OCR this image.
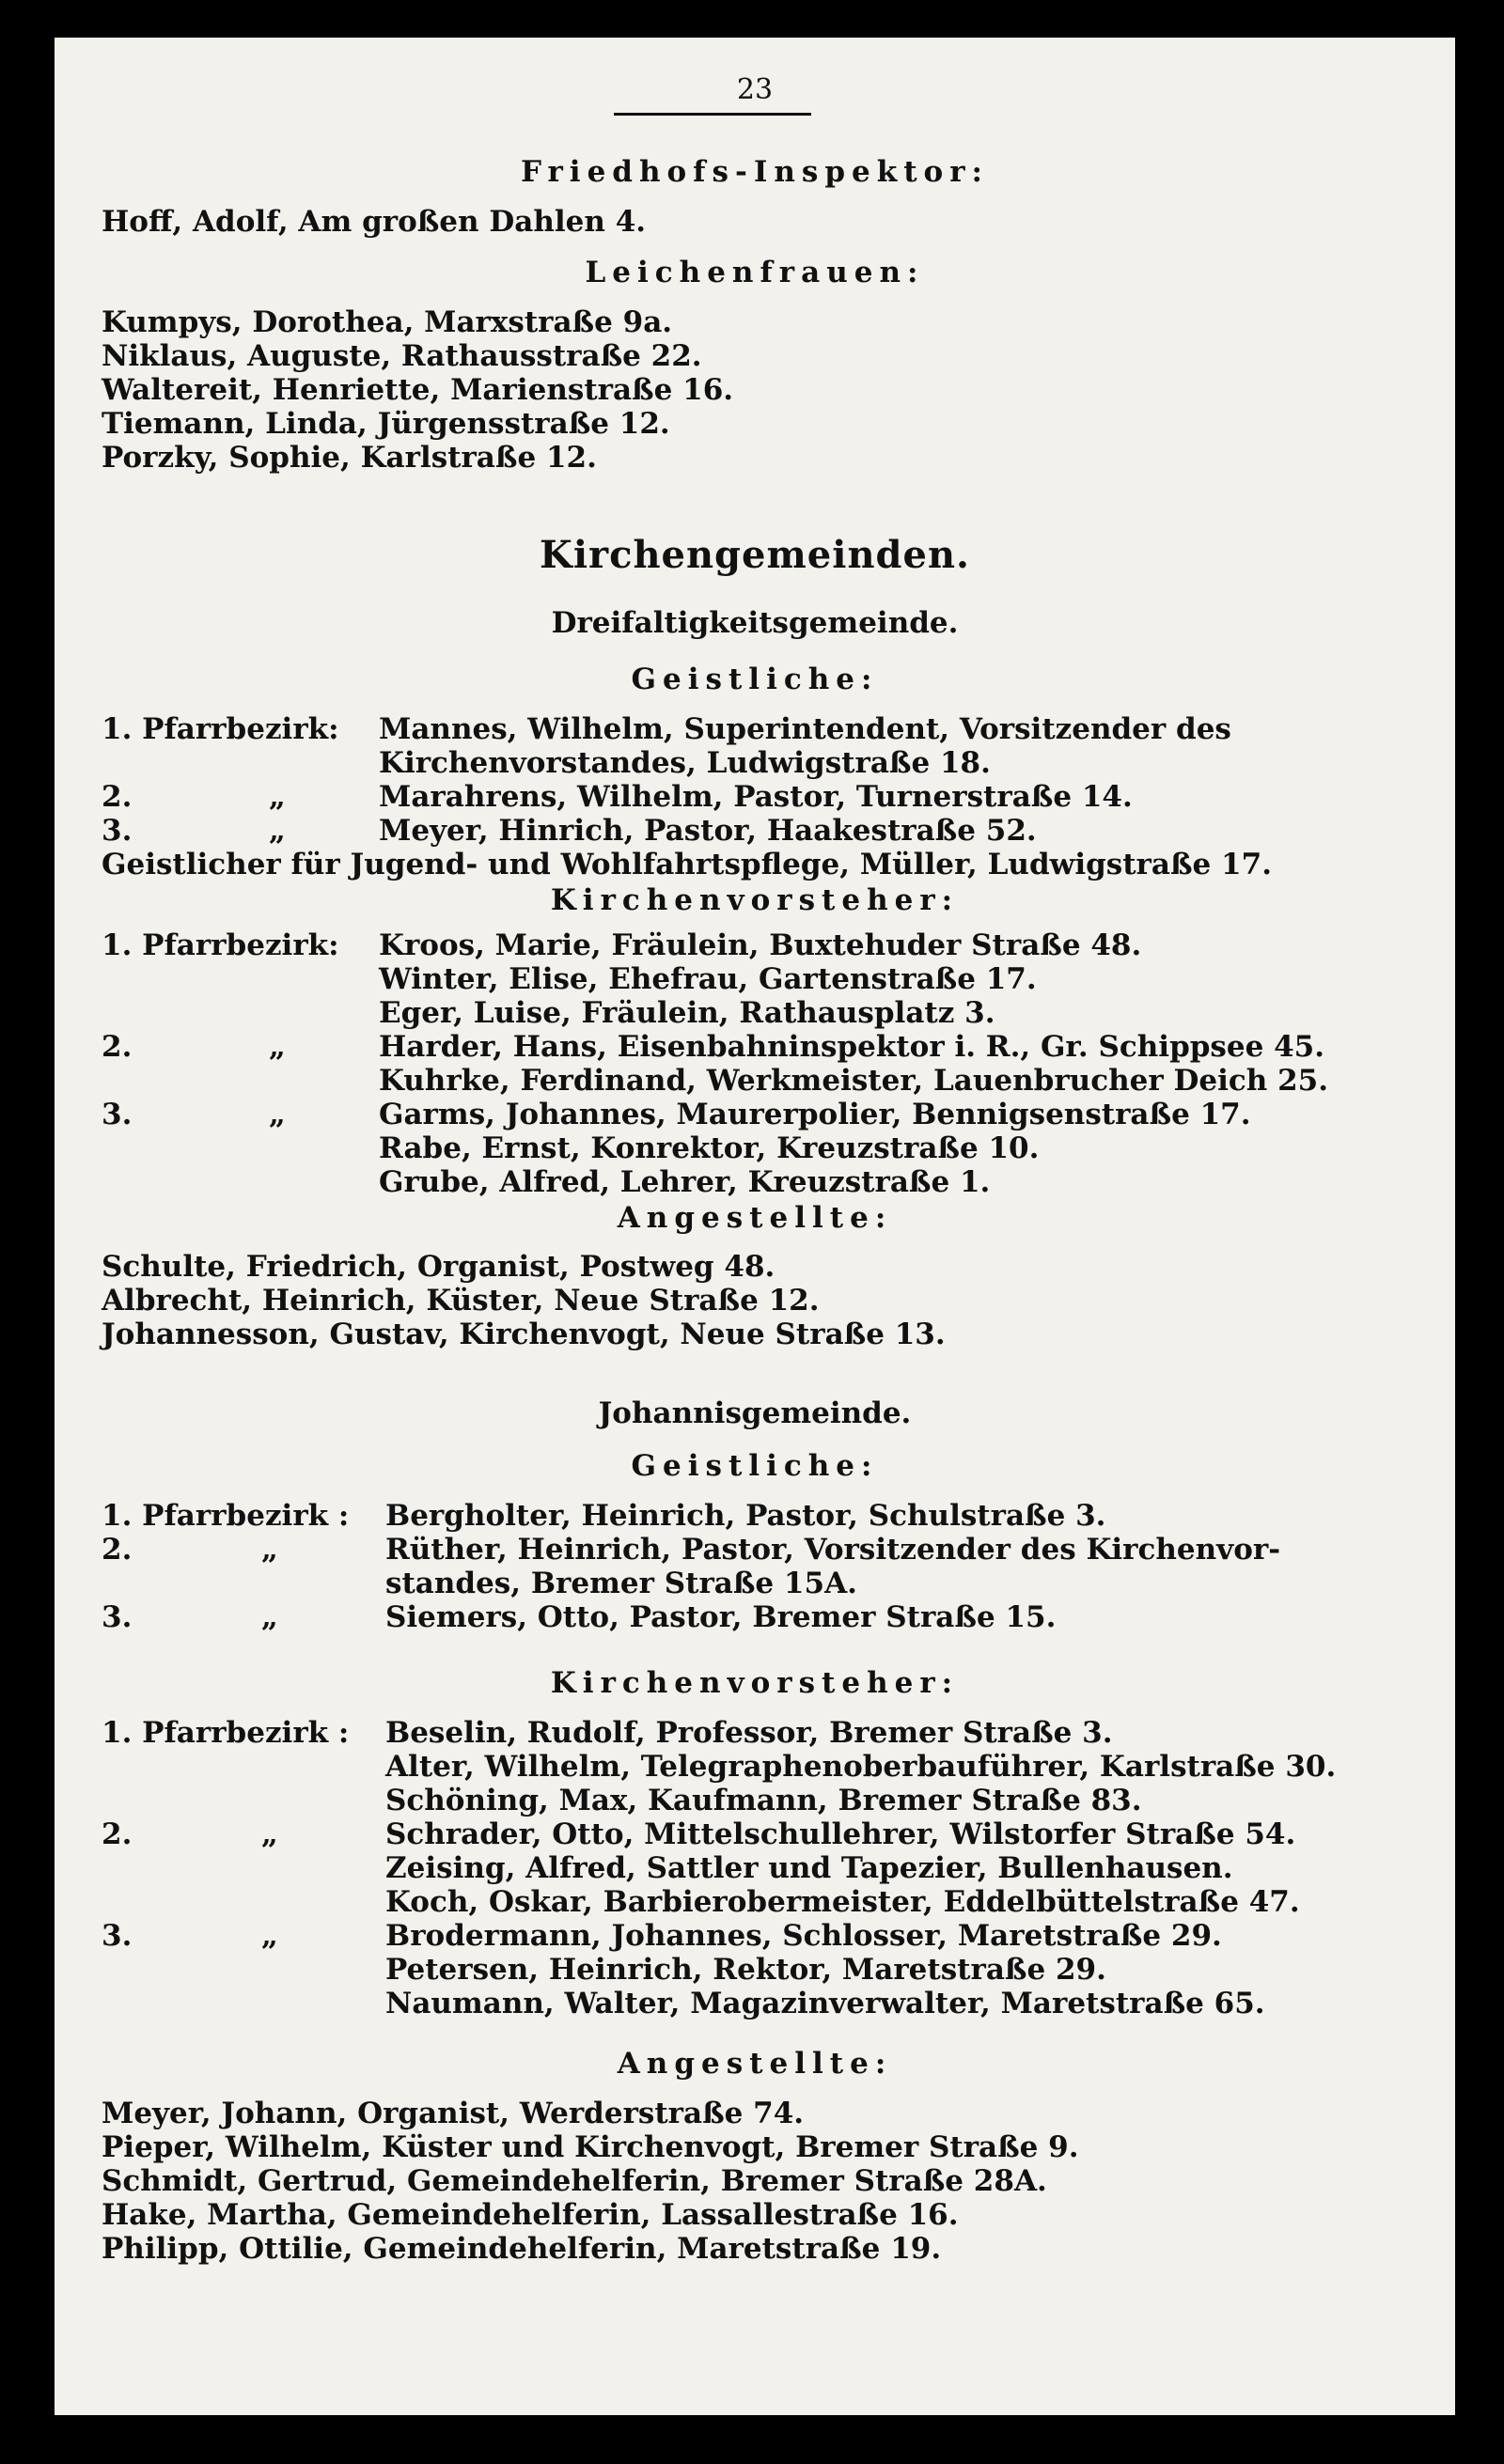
23
Friedhofs-Inspektor:
Hoff, Adolf, Am großen Dahlen 4.
Leichenfrauen:
Kumpys, Dorothea, Marxstraße 9a.
Niklaus, Auguste, Rathausstraße 22.
Waltereit, Henriette, Marienstraße 16.
Tiemann, Linda, Jürgensstraße 12.
Porzky, Sophie, Karlstraße 12.
Kirchengemeinden.
Dreifaltigkeitsgemeinde.
Geistliche:
1. Pfarrbezirk: Mannes, Wilhelm, Superintendent, Vorsitzender des
Kirchenvorstandes, Ludwigstraße 18.
2.	„	Marahrens, Wilhelm, Pastor, Turnerstraße 14.
3.	„	Meyer, Hinrich, Pastor, Haakestraße 52.
Geistlicher für Jugend- und Wohlfahrtspflege, Müller, Ludwigstraße 17.
Kirchenvorsteher:
1. Pfarrbezirk: Kroos, Marie, Fräulein, Buxtehuder Straße 48.
Winter, Elise, Ehefrau, Gartenstraße 17.
Eger, Luise, Fräulein, Rathausplatz 3.
2.	„	Harder, Hans, Eisenbahninspektor i. R., Gr. Schippsee 45.
Kuhrke, Ferdinand, Werkmeister, Lauenbrucher Deich 25.
3.	„	Garms, Johannes, Maurerpolier, Bennigsenstraße 17.
Rabe, Ernst, Konrektor, Kreuzstraße 10.
Grube, Alfred, Lehrer, Kreuzstraße 1.
Angestellte:
Schulte, Friedrich, Organist, Postweg 48.
Albrecht, Heinrich, Küster, Neue Straße 12.
Johannesson, Gustav, Kirchenvogt, Neue Straße 13.
Johannisgemeinde.
Geistliche:
1. Pfarrbezirk : Bergholter, Heinrich, Pastor, Schulstraße 3.
2.	„	Rüther, Heinrich, Pastor, Vorsitzender des Kirchenvor-
standes, Bremer Straße 15A.
3.	„	Siemers, Otto, Pastor, Bremer Straße 15.
Kirchenvorsteher:
1. Pfarrbezirk : Beselin, Rudolf, Professor, Bremer Straße 3.
Alter, Wilhelm, Telegraphenoberbauführer, Karlstraße 30.
Schöning, Max, Kaufmann, Bremer Straße 83.
2.	„	Schrader, Otto, Mittelschullehrer, Wilstorfer Straße 54.
Zeising, Alfred, Sattler und Tapezier, Bullenhausen.
Koch, Oskar, Barbierobermeister, Eddelbüttelstraße 47.
3.	„	Brodermann, Johannes, Schlosser, Maretstraße 29.
Petersen, Heinrich, Rektor, Maretstraße 29.
Naumann, Walter, Magazinverwalter, Maretstraße 65.
Angestellte:
Meyer, Johann, Organist, Werderstraße 74.
Pieper, Wilhelm, Küster und Kirchenvogt, Bremer Straße 9.
Schmidt, Gertrud, Gemeindehelferin, Bremer Straße 28A.
Hake, Martha, Gemeindehelferin, Lassallestraße 16.
Philipp, Ottilie, Gemeindehelferin, Maretstraße 19.
